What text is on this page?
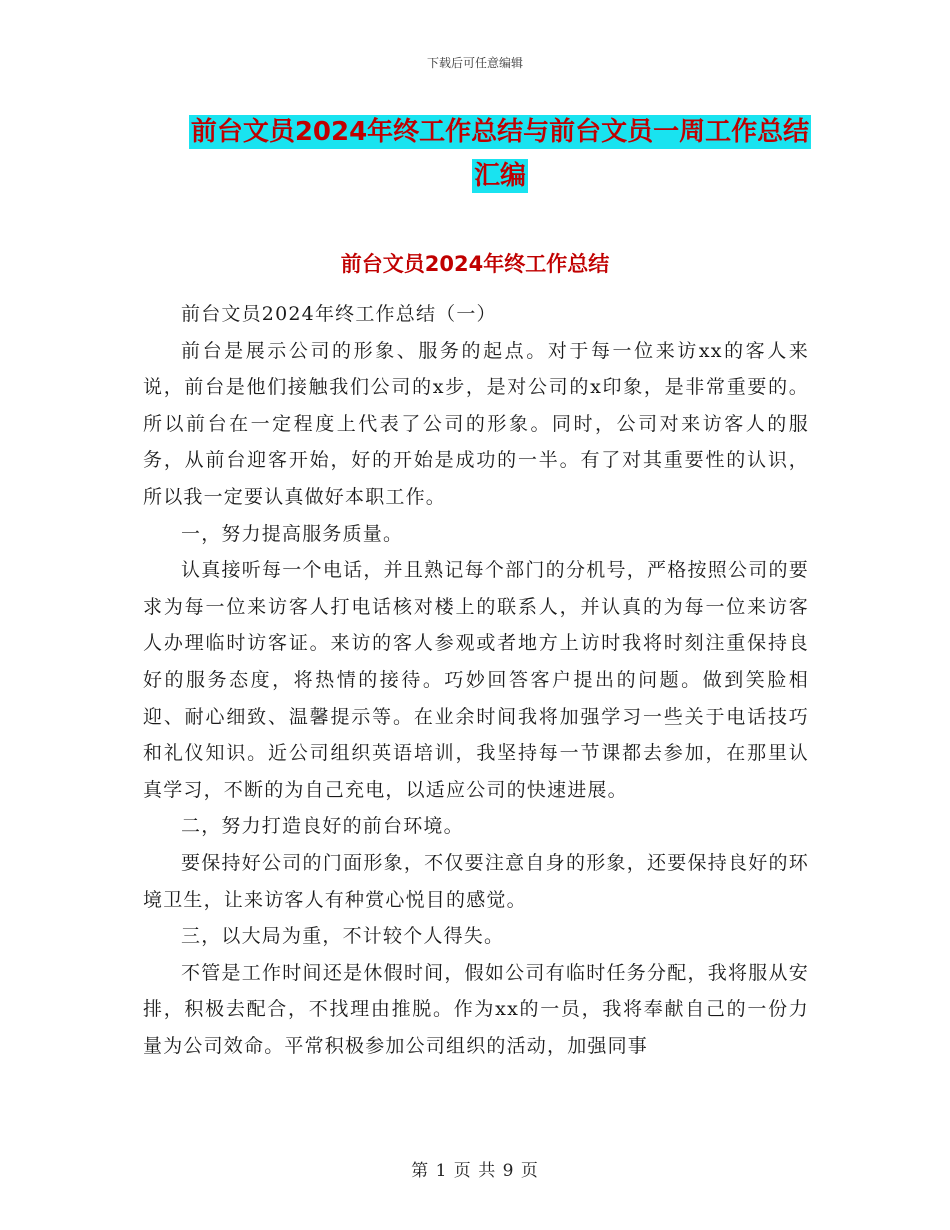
下载后可任意编辑
前台文员2024年终工作总结与前台文员一周工作总结
汇编
前台文员2024年终工作总结

前台文员2024年终工作总结（一）

前台是展示公司的形象、服务的起点。对于每一位来访xx的客人来说，前台是他们接触我们公司的x步，是对公司的x印象，是非常重要的。所以前台在一定程度上代表了公司的形象。同时，公司对来访客人的服务，从前台迎客开始，好的开始是成功的一半。有了对其重要性的认识，所以我一定要认真做好本职工作。

一，努力提高服务质量。

认真接听每一个电话，并且熟记每个部门的分机号，严格按照公司的要求为每一位来访客人打电话核对楼上的联系人，并认真的为每一位来访客人办理临时访客证。来访的客人参观或者地方上访时我将时刻注重保持良好的服务态度，将热情的接待。巧妙回答客户提出的问题。做到笑脸相迎、耐心细致、温馨提示等。在业余时间我将加强学习一些关于电话技巧和礼仪知识。近公司组织英语培训，我坚持每一节课都去参加，在那里认真学习，不断的为自己充电，以适应公司的快速进展。

二，努力打造良好的前台环境。

要保持好公司的门面形象，不仅要注意自身的形象，还要保持良好的环境卫生，让来访客人有种赏心悦目的感觉。

三，以大局为重，不计较个人得失。

不管是工作时间还是休假时间，假如公司有临时任务分配，我将服从安排，积极去配合，不找理由推脱。作为xx的一员，我将奉献自己的一份力量为公司效命。平常积极参加公司组织的活动，加强同事

第 1 页 共 9 页
